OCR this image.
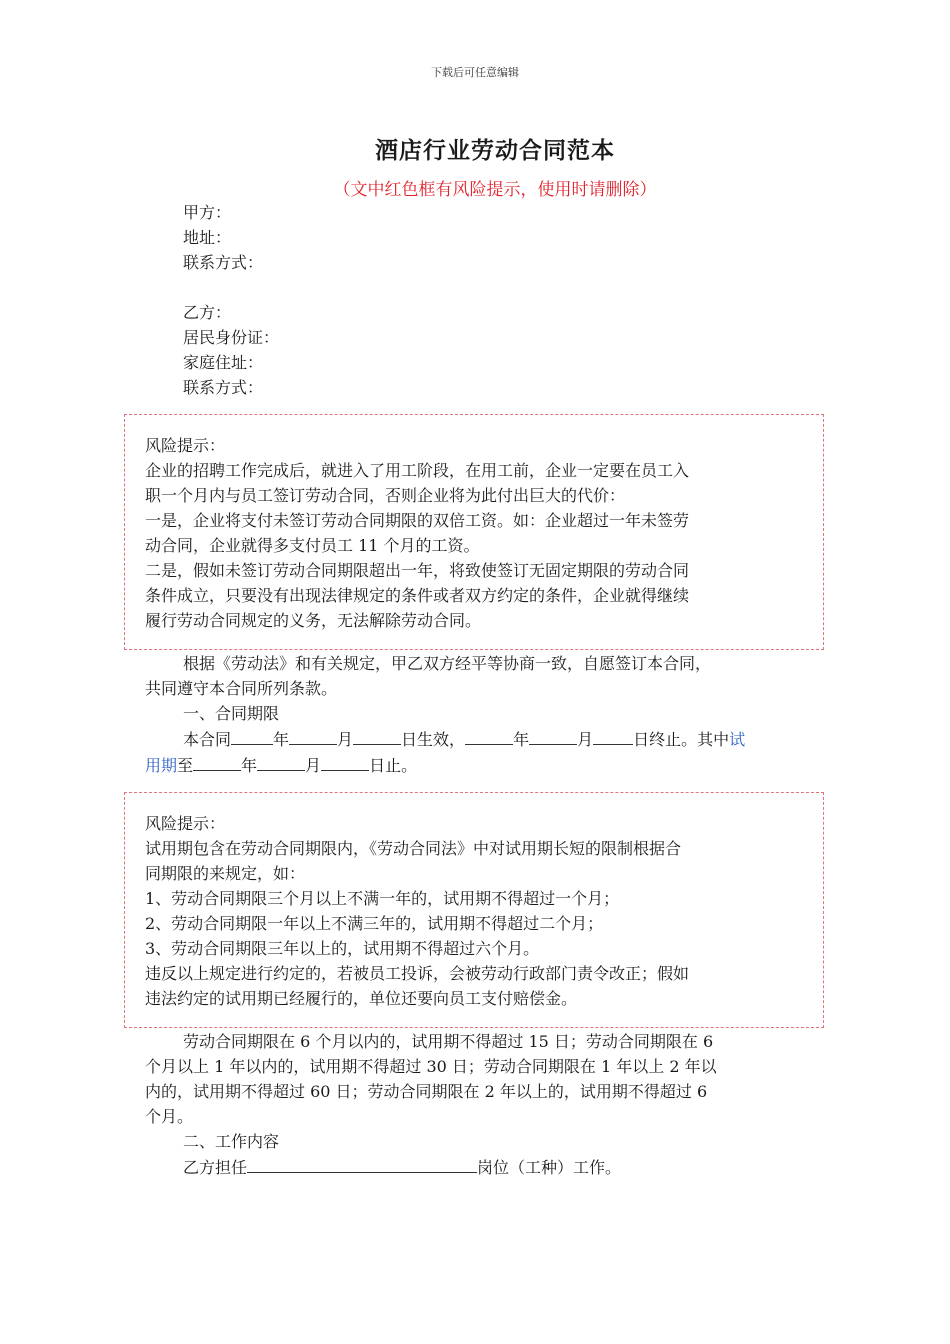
下载后可任意编辑
酒店行业劳动合同范本
（文中红色框有风险提示，使用时请删除）
甲方：
地址：
联系方式：
乙方：
居民身份证：
家庭住址：
联系方式：
风险提示：
企业的招聘工作完成后，就进入了用工阶段，在用工前，企业一定要在员工入
职一个月内与员工签订劳动合同，否则企业将为此付出巨大的代价：
一是，企业将支付未签订劳动合同期限的双倍工资。如：企业超过一年未签劳
动合同，企业就得多支付员工 11 个月的工资。
二是，假如未签订劳动合同期限超出一年，将致使签订无固定期限的劳动合同
条件成立，只要没有出现法律规定的条件或者双方约定的条件，企业就得继续
履行劳动合同规定的义务，无法解除劳动合同。
根据《劳动法》和有关规定，甲乙双方经平等协商一致，自愿签订本合同，
共同遵守本合同所列条款。
一、合同期限
本合同	年	月	日生效，	年	月	日终止。其中试
用期至	年	月	日止。
风险提示：
试用期包含在劳动合同期限内，《劳动合同法》中对试用期长短的限制根据合
同期限的来规定，如：
1、劳动合同期限三个月以上不满一年的，试用期不得超过一个月；
2、劳动合同期限一年以上不满三年的，试用期不得超过二个月；
3、劳动合同期限三年以上的，试用期不得超过六个月。
违反以上规定进行约定的，若被员工投诉，会被劳动行政部门责令改正；假如
违法约定的试用期已经履行的，单位还要向员工支付赔偿金。
劳动合同期限在 6 个月以内的，试用期不得超过 15 日；劳动合同期限在 6
个月以上 1 年以内的，试用期不得超过 30 日；劳动合同期限在 1 年以上 2 年以
内的，试用期不得超过 60 日；劳动合同期限在 2 年以上的，试用期不得超过 6
个月。
二、工作内容
乙方担任	岗位（工种）工作。
